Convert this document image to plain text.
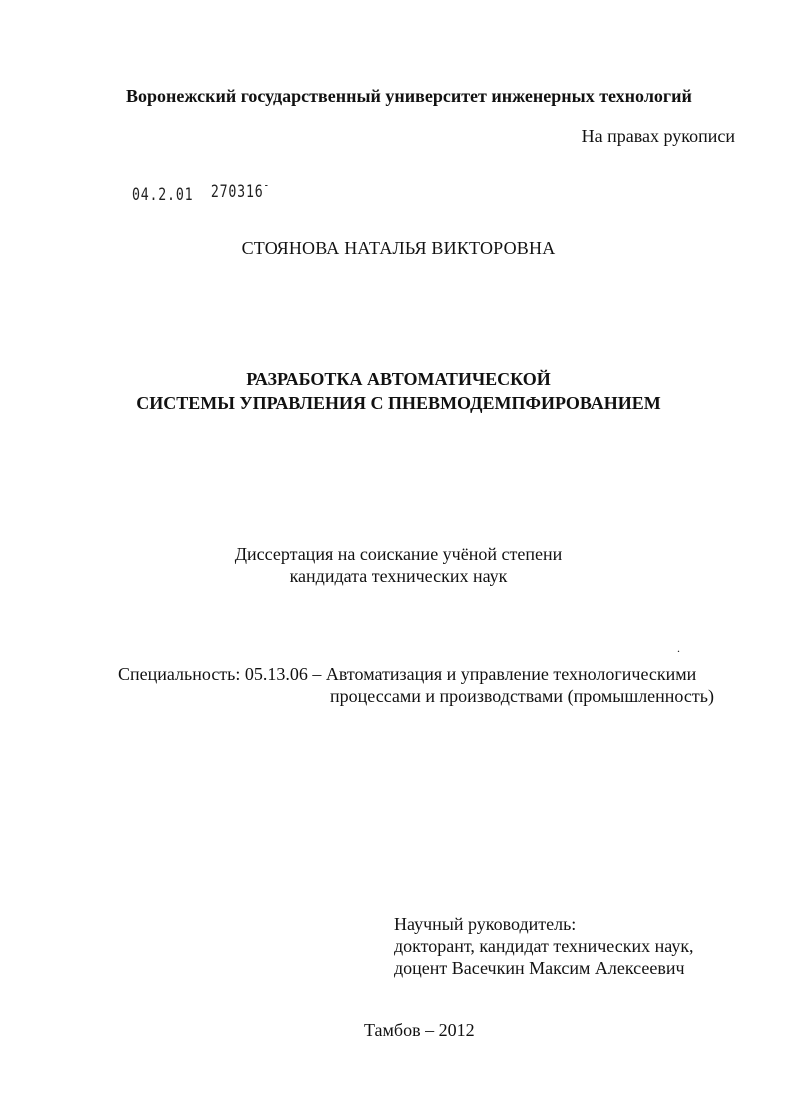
Воронежский государственный университет инженерных технологий
На правах рукописи
04.2.01 270316-
СТОЯНОВА НАТАЛЬЯ ВИКТОРОВНА
РАЗРАБОТКА АВТОМАТИЧЕСКОЙ
СИСТЕМЫ УПРАВЛЕНИЯ С ПНЕВМОДЕМПФИРОВАНИЕМ
Диссертация на соискание учёной степени
кандидата технических наук
.
Специальность: 05.13.06 – Автоматизация и управление технологическими
процессами и производствами (промышленность)
Научный руководитель:
докторант, кандидат технических наук,
доцент Васечкин Максим Алексеевич
Тамбов – 2012
